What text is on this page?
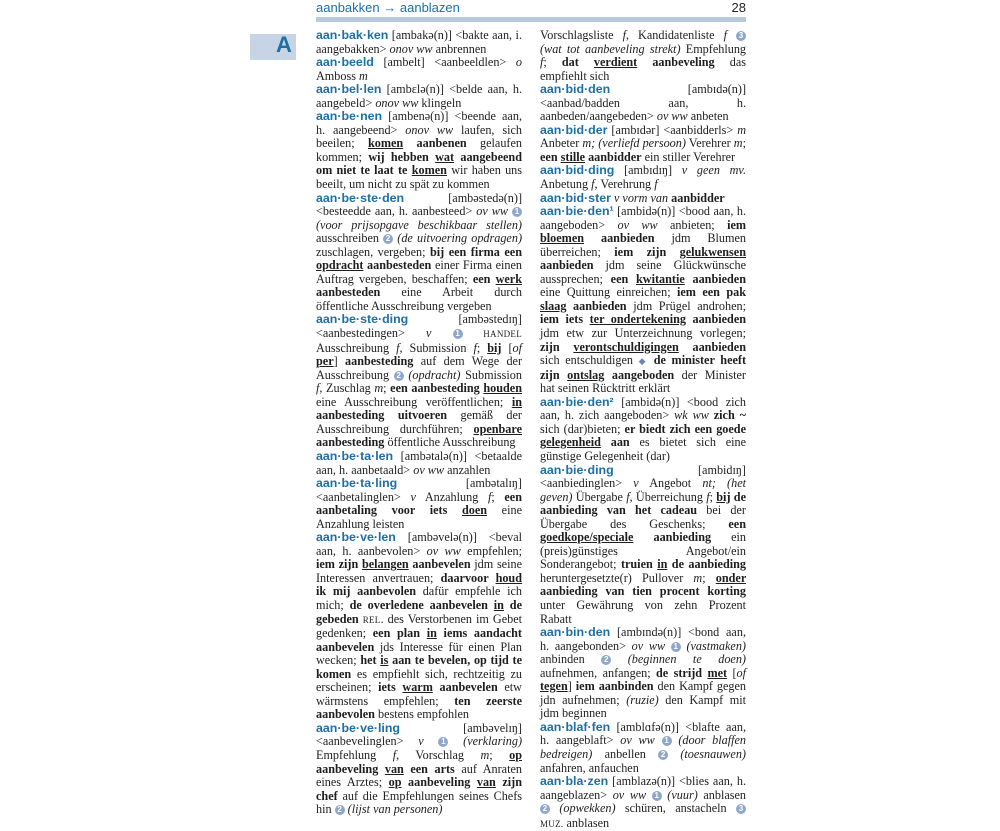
aanbakken → aanblazen	28
A aan·bak·ken [ambakə(n)] <bakte aan, i. aangebakken> onov ww anbrennen

aan·beeld [ambelt] <aanbeeldlen> o Amboss m

aan·bel·len [ambɛlə(n)] <belde aan, h. aangebeld> onov ww klingeln

aan·be·nen [ambenə(n)] <beende aan, h. aangebeend> onov ww laufen, sich beeilen; komen aanbenen gelaufen kommen; wij hebben wat aangebeend om niet te laat te komen wir haben uns beeilt, um nicht zu spät zu kommen

aan·be·ste·den [ambəstedə(n)] <besteedde aan, h. aanbesteed> ov ww 1 (voor prijsopgave beschikbaar stellen) ausschreiben 2 (de uitvoering opdragen) zuschlagen, vergeben; bij een firma een opdracht aanbesteden einer Firma einen Auftrag vergeben, beschaffen; een werk aanbesteden eine Arbeit durch öffentliche Ausschreibung vergeben

aan·be·ste·ding [ambəstedɪŋ] <aanbestedingen> v	1 HANDEL Ausschreibung f, Submission f; bij [of per] aanbesteding auf dem Wege der Ausschreibung 2 (opdracht) Submission f, Zuschlag m; een aanbesteding houden eine Ausschreibung veröffentlichen; in aanbesteding uitvoeren gemäß der Ausschreibung durchführen; openbare aanbesteding öffentliche Ausschreibung

aan·be·ta·len [ambətalə(n)] <betaalde aan, h. aanbetaald> ov ww anzahlen

aan·be·ta·ling [ambətalɪŋ] <aanbetalinglen> v Anzahlung f; een aanbetaling voor iets doen eine Anzahlung leisten

aan·be·ve·len [ambəvelə(n)] <beval aan, h. aanbevolen> ov ww empfehlen; iem zijn belangen aanbevelen jdm seine Interessen anvertrauen; daarvoor houd ik mij aanbevolen dafür empfehle ich mich; de overledene aanbevelen in de gebeden REL. des Verstorbenen im Gebet gedenken; een plan in iems aandacht aanbevelen jds Interesse für einen Plan wecken; het is aan te bevelen, op tijd te komen es empfiehlt sich, rechtzeitig zu erscheinen; iets warm aanbevelen etw wärmstens empfehlen; ten zeerste aanbevolen bestens empfohlen

aan·be·ve·ling [ambəvelɪŋ] <aanbevelinglen> v 1 (verklaring) Empfehlung f, Vorschlag m; op aanbeveling van een arts auf Anraten eines Arztes; op aanbeveling van zijn chef auf die Empfehlungen seines Chefs hin 2 (lijst van personen)

Vorschlagsliste f, Kandidatenliste f 3 (wat tot aanbeveling strekt) Empfehlung f; dat verdient aanbeveling das empfiehlt sich

aan·bid·den [ambɪdə(n)] <aanbad/badden aan, h. aanbeden/aangebeden> ov ww anbeten

aan·bid·der [ambɪdər] <aanbidderls> m Anbeter m; (verliefd persoon) Verehrer m; een stille aanbidder ein stiller Verehrer

aan·bid·ding [ambɪdɪŋ] v geen mv. Anbetung f, Verehrung f

aan·bid·ster v vorm van aanbidder

aan·bie·den¹ [ambidə(n)] <bood aan, h. aangeboden> ov ww anbieten; iem bloemen aanbieden jdm Blumen überreichen; iem zijn gelukwensen aanbieden jdm seine Glückwünsche aussprechen; een kwitantie aanbieden eine Quittung einreichen; iem een pak slaag aanbieden jdm Prügel androhen; iem iets ter ondertekening aanbieden jdm etw zur Unterzeichnung vorlegen; zijn verontschuldigingen aanbieden sich entschuldigen ◆ de minister heeft zijn ontslag aangeboden der Minister hat seinen Rücktritt erklärt

aan·bie·den² [ambidə(n)] <bood zich aan, h. zich aangeboden> wk ww zich ~ sich (dar)bieten; er biedt zich een goede gelegenheid aan es bietet sich eine günstige Gelegenheit (dar)

aan·bie·ding [ambidɪŋ] <aanbiedinglen> v Angebot nt; (het geven) Übergabe f, Überreichung f; bij de aanbieding van het cadeau bei der Übergabe des Geschenks; een goedkope/speciale aanbieding ein (preis)günstiges Angebot/ein Sonderangebot; truien in de aanbieding heruntergesetzte(r) Pullover m; onder aanbieding van tien procent korting unter Gewährung von zehn Prozent Rabatt

aan·bin·den [ambɪndə(n)] <bond aan, h. aangebonden> ov ww 1 (vastmaken) anbinden 2 (beginnen te doen) aufnehmen, anfangen; de strijd met [of tegen] iem aanbinden den Kampf gegen jdn aufnehmen; (ruzie) den Kampf mit jdm beginnen

aan·blaf·fen [amblɑfə(n)] <blafte aan, h. aangeblaft> ov ww 1 (door blaffen bedreigen) anbellen 2 (toesnauwen) anfahren, anfauchen

aan·bla·zen [amblazə(n)] <blies aan, h. aangeblazen> ov ww 1 (vuur) anblasen 2 (opwekken) schüren, anstacheln 3 MUZ. anblasen
